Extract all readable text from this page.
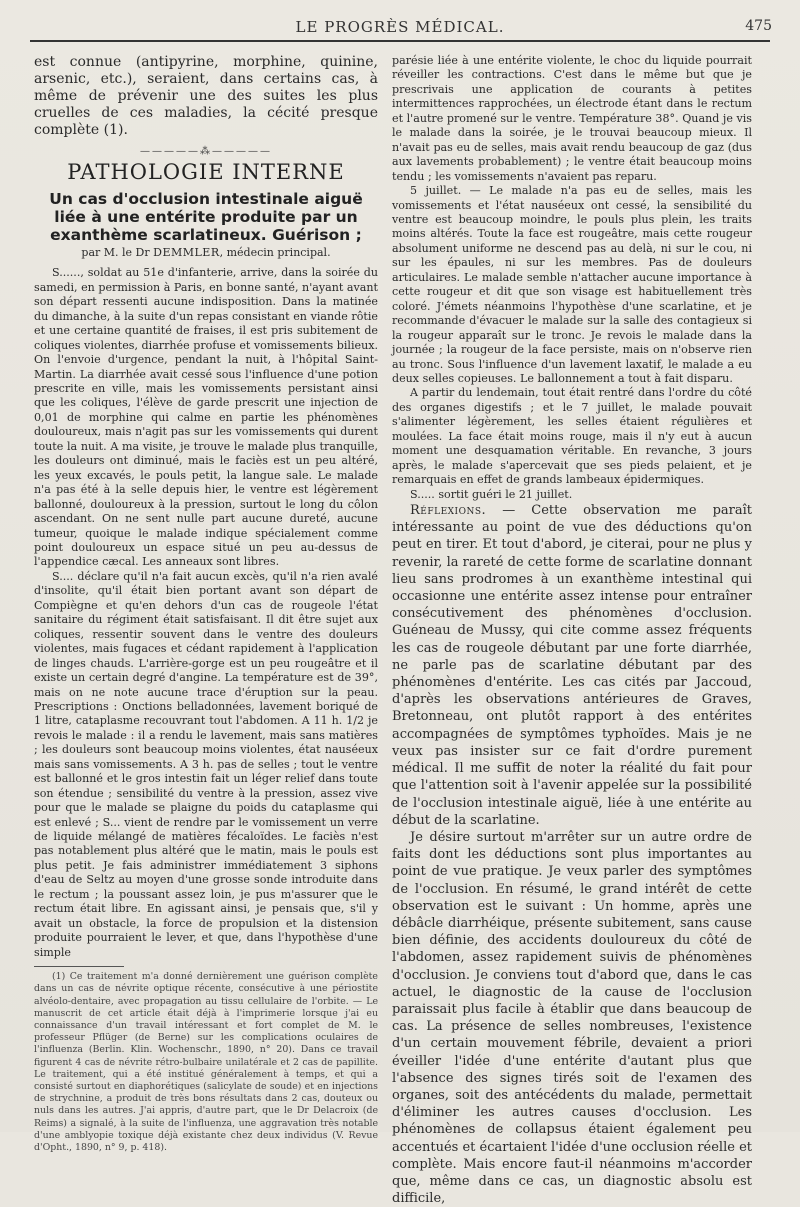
LE PROGRÈS MÉDICAL.	475

est connue (antipyrine, morphine, quinine, arsenic, etc.), seraient, dans certains cas, à même de prévenir une des suites les plus cruelles de ces maladies, la cécité presque complète (1).

—————⁂—————
PATHOLOGIE INTERNE
Un cas d'occlusion intestinale aiguë liée à une entérite produite par un exanthème scarlatineux. Guérison ;
par M. le Dr DEMMLER, médecin principal.

S......, soldat au 51e d'infanterie, arrive, dans la soirée du samedi, en permission à Paris, en bonne santé, n'ayant avant son départ ressenti aucune indisposition. Dans la matinée du dimanche, à la suite d'un repas consistant en viande rôtie et une certaine quantité de fraises, il est pris subitement de coliques violentes, diarrhée profuse et vomissements bilieux. On l'envoie d'urgence, pendant la nuit, à l'hôpital Saint-Martin. La diarrhée avait cessé sous l'influence d'une potion prescrite en ville, mais les vomissements persistant ainsi que les coliques, l'élève de garde prescrit une injection de 0,01 de morphine qui calme en partie les phénomènes douloureux, mais n'agit pas sur les vomissements qui durent toute la nuit. A ma visite, je trouve le malade plus tranquille, les douleurs ont diminué, mais le faciès est un peu altéré, les yeux excavés, le pouls petit, la langue sale. Le malade n'a pas été à la selle depuis hier, le ventre est légèrement ballonné, douloureux à la pression, surtout le long du côlon ascendant. On ne sent nulle part aucune dureté, aucune tumeur, quoique le malade indique spécialement comme point douloureux un espace situé un peu au-dessus de l'appendice cæcal. Les anneaux sont libres.

S.... déclare qu'il n'a fait aucun excès, qu'il n'a rien avalé d'insolite, qu'il était bien portant avant son départ de Compiègne et qu'en dehors d'un cas de rougeole l'état sanitaire du régiment était satisfaisant. Il dit être sujet aux coliques, ressentir souvent dans le ventre des douleurs violentes, mais fugaces et cédant rapidement à l'application de linges chauds. L'arrière-gorge est un peu rougeâtre et il existe un certain degré d'angine. La température est de 39°, mais on ne note aucune trace d'éruption sur la peau. Prescriptions : Onctions belladonnées, lavement boriqué de 1 litre, cataplasme recouvrant tout l'abdomen. A 11 h. 1/2 je revois le malade : il a rendu le lavement, mais sans matières ; les douleurs sont beaucoup moins violentes, état nauséeux mais sans vomissements. A 3 h. pas de selles ; tout le ventre est ballonné et le gros intestin fait un léger relief dans toute son étendue ; sensibilité du ventre à la pression, assez vive pour que le malade se plaigne du poids du cataplasme qui est enlevé ; S... vient de rendre par le vomissement un verre de liquide mélangé de matières fécaloïdes. Le faciès n'est pas notablement plus altéré que le matin, mais le pouls est plus petit. Je fais administrer immédiatement 3 siphons d'eau de Seltz au moyen d'une grosse sonde introduite dans le rectum ; la poussant assez loin, je pus m'assurer que le rectum était libre. En agissant ainsi, je pensais que, s'il y avait un obstacle, la force de propulsion et la distension produite pourraient le lever, et que, dans l'hypothèse d'une simple

(1) Ce traitement m'a donné dernièrement une guérison complète dans un cas de névrite optique récente, consécutive à une périostite alvéolo-dentaire, avec propagation au tissu cellulaire de l'orbite. — Le manuscrit de cet article était déjà à l'imprimerie lorsque j'ai eu connaissance d'un travail intéressant et fort complet de M. le professeur Pflüger (de Berne) sur les complications oculaires de l'influenza (Berlin. Klin. Wochenschr., 1890, n° 20). Dans ce travail figurent 4 cas de névrite rétro-bulbaire unilatérale et 2 cas de papillite. Le traitement, qui a été institué généralement à temps, et qui a consisté surtout en diaphorétiques (salicylate de soude) et en injections de strychnine, a produit de très bons résultats dans 2 cas, douteux ou nuls dans les autres. J'ai appris, d'autre part, que le Dr Delacroix (de Reims) a signalé, à la suite de l'influenza, une aggravation très notable d'une amblyopie toxique déjà existante chez deux individus (V. Revue d'Opht., 1890, n° 9, p. 418).

parésie liée à une entérite violente, le choc du liquide pourrait réveiller les contractions. C'est dans le même but que je prescrivais une application de courants à petites intermittences rapprochées, un électrode étant dans le rectum et l'autre promené sur le ventre. Température 38°. Quand je vis le malade dans la soirée, je le trouvai beaucoup mieux. Il n'avait pas eu de selles, mais avait rendu beaucoup de gaz (dus aux lavements probablement) ; le ventre était beaucoup moins tendu ; les vomissements n'avaient pas reparu.

5 juillet. — Le malade n'a pas eu de selles, mais les vomissements et l'état nauséeux ont cessé, la sensibilité du ventre est beaucoup moindre, le pouls plus plein, les traits moins altérés. Toute la face est rougeâtre, mais cette rougeur absolument uniforme ne descend pas au delà, ni sur le cou, ni sur les épaules, ni sur les membres. Pas de douleurs articulaires. Le malade semble n'attacher aucune importance à cette rougeur et dit que son visage est habituellement très coloré. J'émets néanmoins l'hypothèse d'une scarlatine, et je recommande d'évacuer le malade sur la salle des contagieux si la rougeur apparaît sur le tronc. Je revois le malade dans la journée ; la rougeur de la face persiste, mais on n'observe rien au tronc. Sous l'influence d'un lavement laxatif, le malade a eu deux selles copieuses. Le ballonnement a tout à fait disparu.

A partir du lendemain, tout était rentré dans l'ordre du côté des organes digestifs ; et le 7 juillet, le malade pouvait s'alimenter légèrement, les selles étaient régulières et moulées. La face était moins rouge, mais il n'y eut à aucun moment une desquamation véritable. En revanche, 3 jours après, le malade s'apercevait que ses pieds pelaient, et je remarquais en effet de grands lambeaux épidermiques.

S..... sortit guéri le 21 juillet.

Réflexions. — Cette observation me paraît intéressante au point de vue des déductions qu'on peut en tirer. Et tout d'abord, je citerai, pour ne plus y revenir, la rareté de cette forme de scarlatine donnant lieu sans prodromes à un exanthème intestinal qui occasionne une entérite assez intense pour entraîner consécutivement des phénomènes d'occlusion. Guéneau de Mussy, qui cite comme assez fréquents les cas de rougeole débutant par une forte diarrhée, ne parle pas de scarlatine débutant par des phénomènes d'entérite. Les cas cités par Jaccoud, d'après les observations antérieures de Graves, Bretonneau, ont plutôt rapport à des entérites accompagnées de symptômes typhoïdes. Mais je ne veux pas insister sur ce fait d'ordre purement médical. Il me suffit de noter la réalité du fait pour que l'attention soit à l'avenir appelée sur la possibilité de l'occlusion intestinale aiguë, liée à une entérite au début de la scarlatine.

Je désire surtout m'arrêter sur un autre ordre de faits dont les déductions sont plus importantes au point de vue pratique. Je veux parler des symptômes de l'occlusion. En résumé, le grand intérêt de cette observation est le suivant : Un homme, après une débâcle diarrhéique, présente subitement, sans cause bien définie, des accidents douloureux du côté de l'abdomen, assez rapidement suivis de phénomènes d'occlusion. Je conviens tout d'abord que, dans le cas actuel, le diagnostic de la cause de l'occlusion paraissait plus facile à établir que dans beaucoup de cas. La présence de selles nombreuses, l'existence d'un certain mouvement fébrile, devaient a priori éveiller l'idée d'une entérite d'autant plus que l'absence des signes tirés soit de l'examen des organes, soit des antécédents du malade, permettait d'éliminer les autres causes d'occlusion. Les phénomènes de collapsus étaient également peu accentués et écartaient l'idée d'une occlusion réelle et complète. Mais encore faut-il néanmoins m'accorder que, même dans ce cas, un diagnostic absolu est difficile,
